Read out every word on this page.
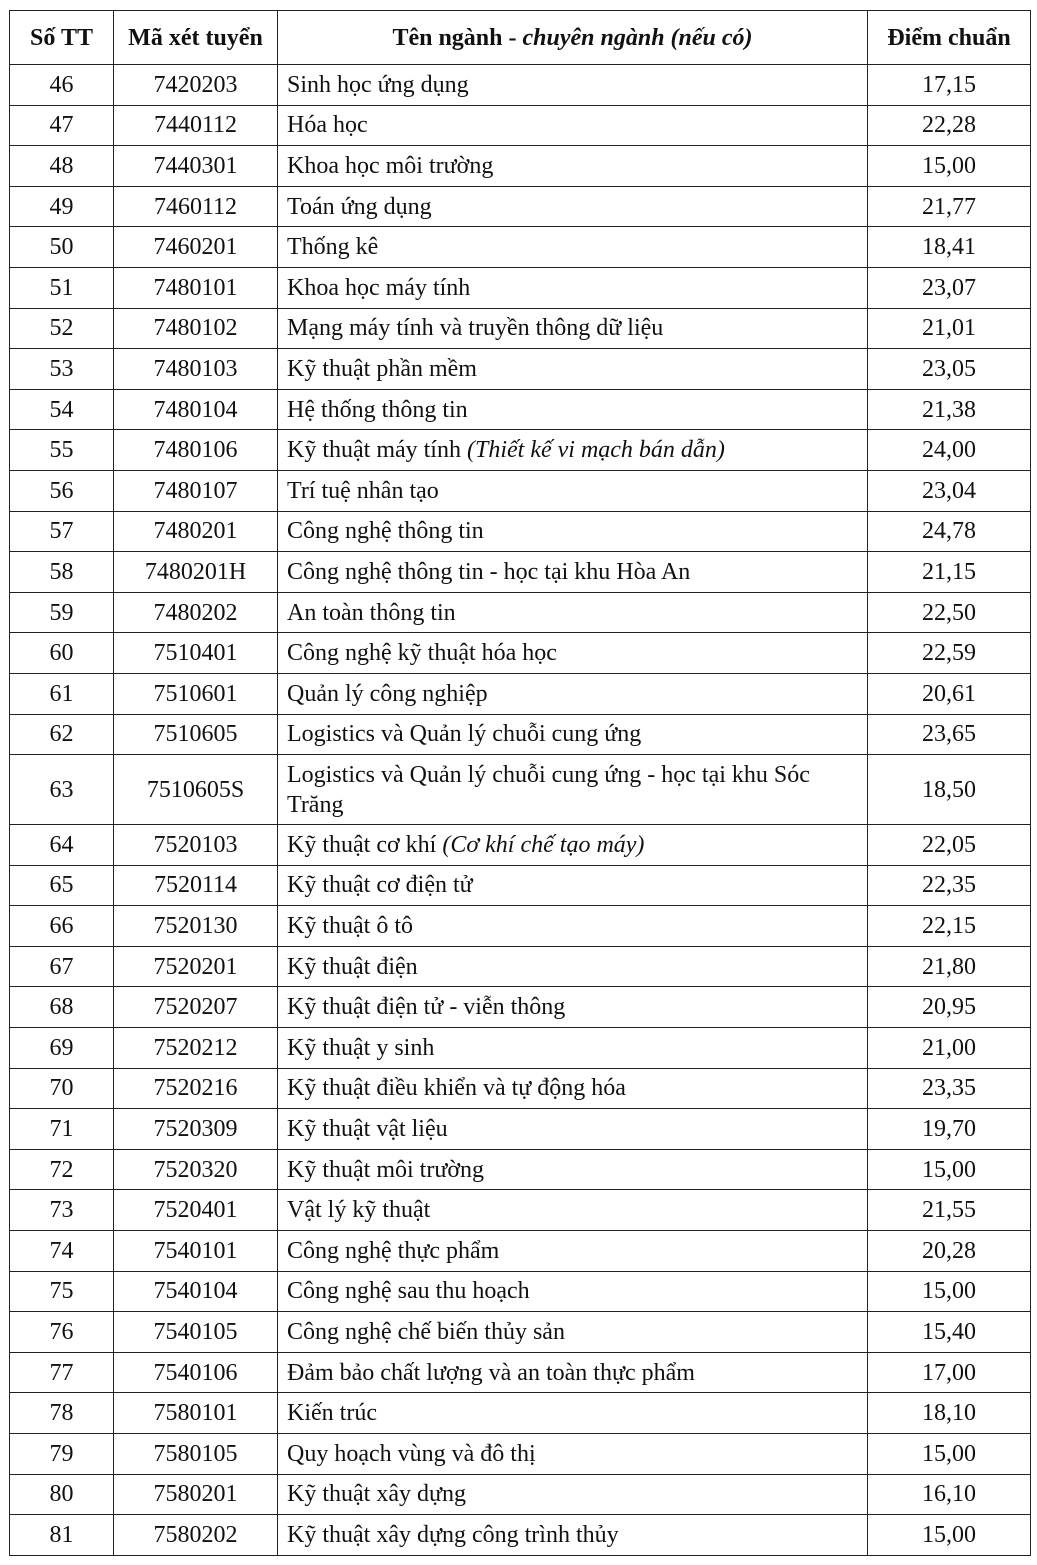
Số TT	Mã xét tuyển	Tên ngành - chuyên ngành (nếu có)	Điểm chuẩn
46	7420203	Sinh học ứng dụng	17,15
47	7440112	Hóa học	22,28
48	7440301	Khoa học môi trường	15,00
49	7460112	Toán ứng dụng	21,77
50	7460201	Thống kê	18,41
51	7480101	Khoa học máy tính	23,07
52	7480102	Mạng máy tính và truyền thông dữ liệu	21,01
53	7480103	Kỹ thuật phần mềm	23,05
54	7480104	Hệ thống thông tin	21,38
55	7480106	Kỹ thuật máy tính (Thiết kế vi mạch bán dẫn)	24,00
56	7480107	Trí tuệ nhân tạo	23,04
57	7480201	Công nghệ thông tin	24,78
58	7480201H	Công nghệ thông tin - học tại khu Hòa An	21,15
59	7480202	An toàn thông tin	22,50
60	7510401	Công nghệ kỹ thuật hóa học	22,59
61	7510601	Quản lý công nghiệp	20,61
62	7510605	Logistics và Quản lý chuỗi cung ứng	23,65
63	7510605S	Logistics và Quản lý chuỗi cung ứng - học tại khu Sóc Trăng	18,50
64	7520103	Kỹ thuật cơ khí (Cơ khí chế tạo máy)	22,05
65	7520114	Kỹ thuật cơ điện tử	22,35
66	7520130	Kỹ thuật ô tô	22,15
67	7520201	Kỹ thuật điện	21,80
68	7520207	Kỹ thuật điện tử - viễn thông	20,95
69	7520212	Kỹ thuật y sinh	21,00
70	7520216	Kỹ thuật điều khiển và tự động hóa	23,35
71	7520309	Kỹ thuật vật liệu	19,70
72	7520320	Kỹ thuật môi trường	15,00
73	7520401	Vật lý kỹ thuật	21,55
74	7540101	Công nghệ thực phẩm	20,28
75	7540104	Công nghệ sau thu hoạch	15,00
76	7540105	Công nghệ chế biến thủy sản	15,40
77	7540106	Đảm bảo chất lượng và an toàn thực phẩm	17,00
78	7580101	Kiến trúc	18,10
79	7580105	Quy hoạch vùng và đô thị	15,00
80	7580201	Kỹ thuật xây dựng	16,10
81	7580202	Kỹ thuật xây dựng công trình thủy	15,00
